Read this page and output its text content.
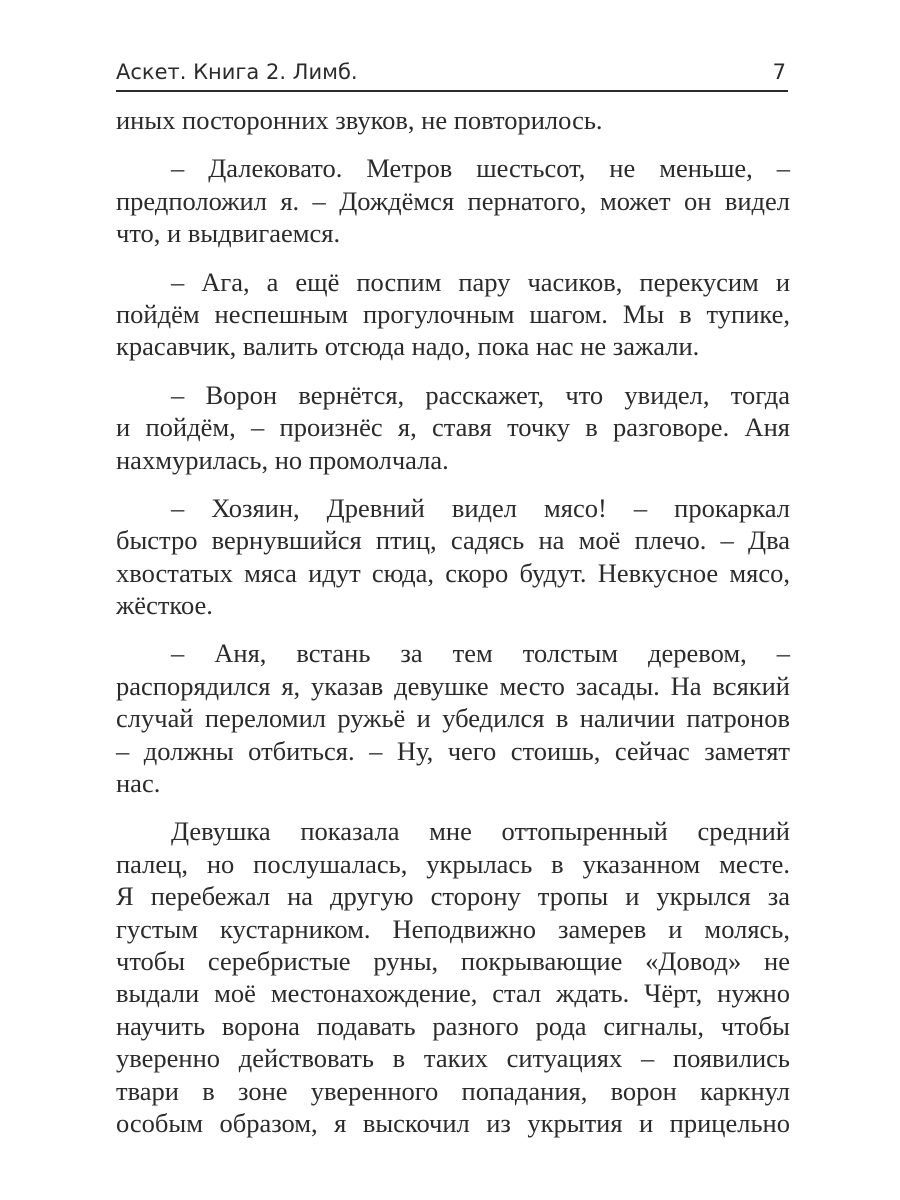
Аскет. Книга 2. Лимб.	7
иных посторонних звуков, не повторилось.
– Далековато. Метров шестьсот, не меньше, –
предположил я. – Дождёмся пернатого, может он видел
что, и выдвигаемся.
– Ага, а ещё поспим пару часиков, перекусим и
пойдём неспешным прогулочным шагом. Мы в тупике,
красавчик, валить отсюда надо, пока нас не зажали.
– Ворон вернётся, расскажет, что увидел, тогда
и пойдём, – произнёс я, ставя точку в разговоре. Аня
нахмурилась, но промолчала.
– Хозяин, Древний видел мясо! – прокаркал
быстро вернувшийся птиц, садясь на моё плечо. – Два
хвостатых мяса идут сюда, скоро будут. Невкусное мясо,
жёсткое.
– Аня, встань за тем толстым деревом, –
распорядился я, указав девушке место засады. На всякий
случай переломил ружьё и убедился в наличии патронов
– должны отбиться. – Ну, чего стоишь, сейчас заметят
нас.
Девушка показала мне оттопыренный средний
палец, но послушалась, укрылась в указанном месте.
Я перебежал на другую сторону тропы и укрылся за
густым кустарником. Неподвижно замерев и молясь,
чтобы серебристые руны, покрывающие «Довод» не
выдали моё местонахождение, стал ждать. Чёрт, нужно
научить ворона подавать разного рода сигналы, чтобы
уверенно действовать в таких ситуациях – появились
твари в зоне уверенного попадания, ворон каркнул
особым образом, я выскочил из укрытия и прицельно
